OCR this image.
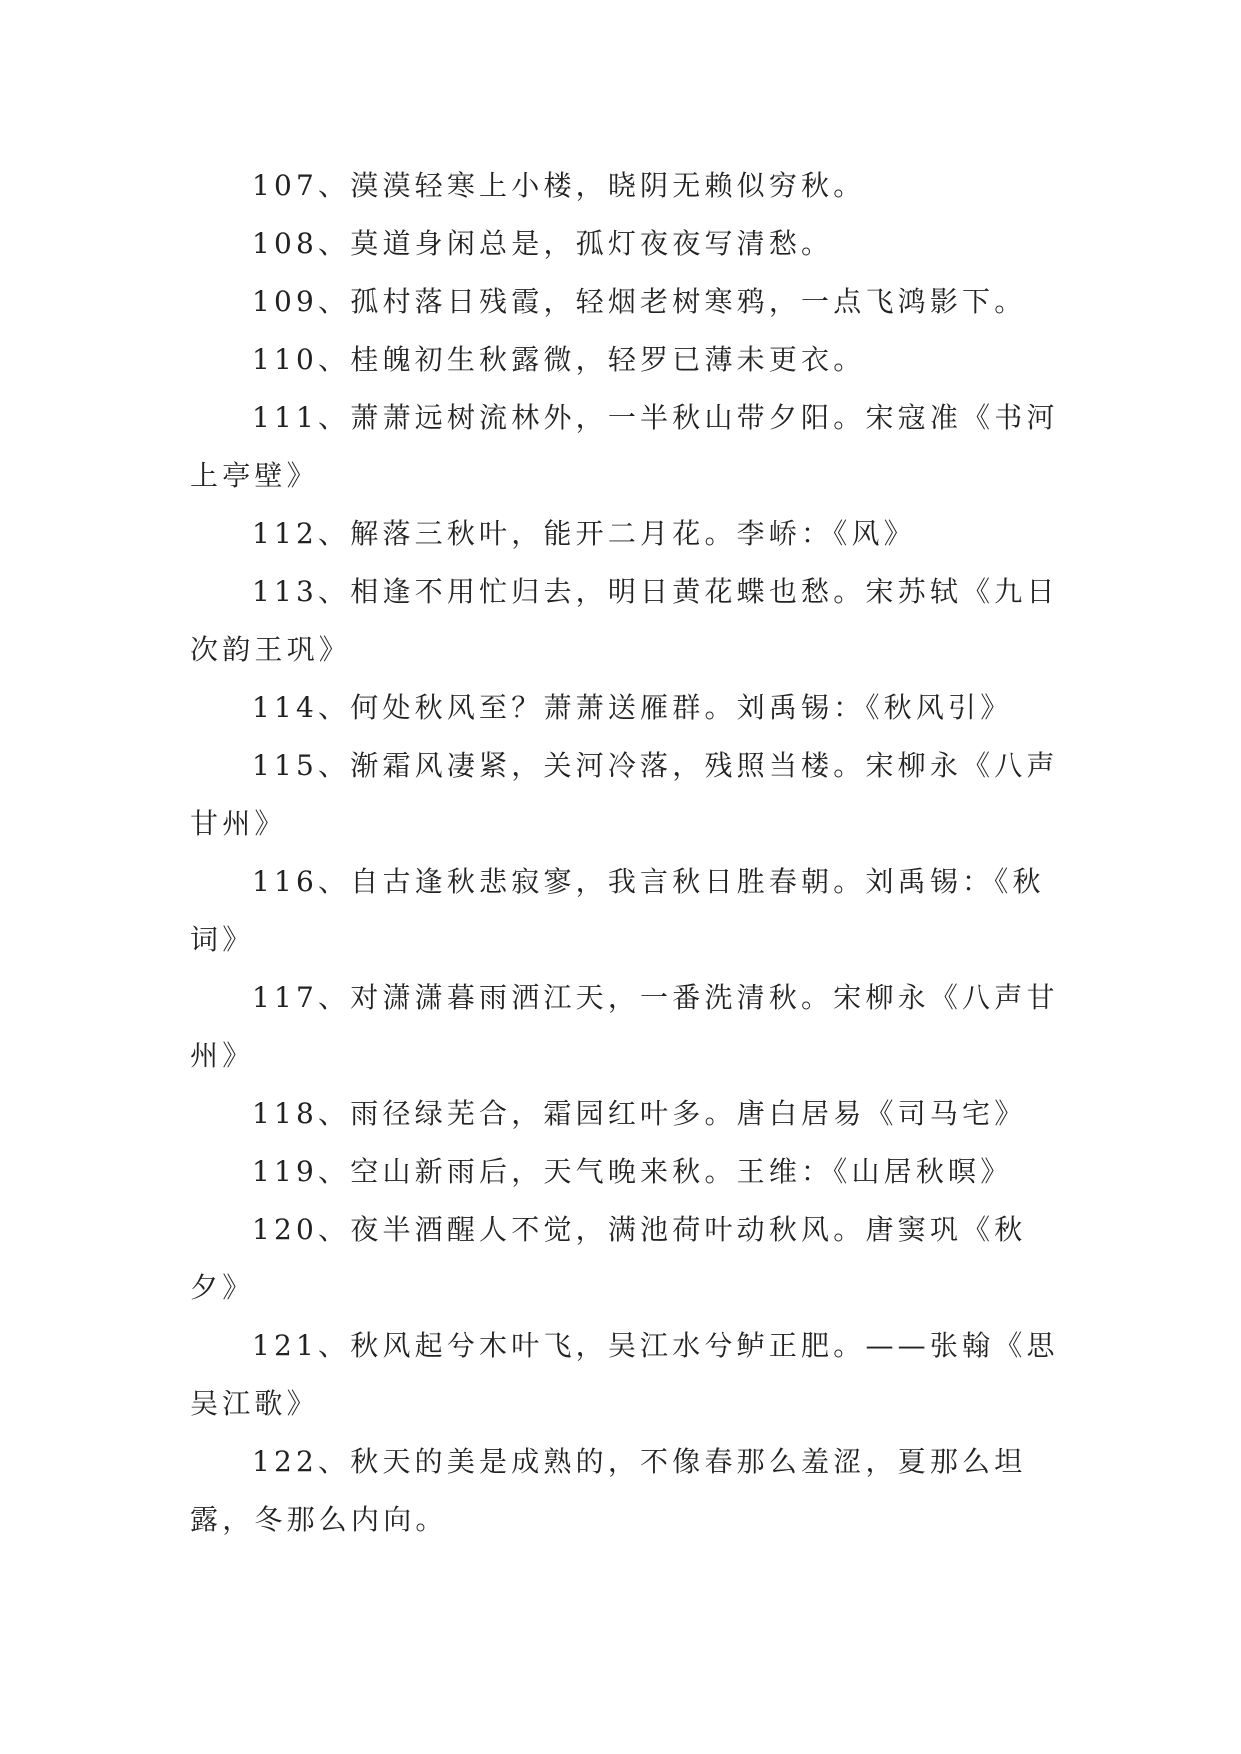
107、漠漠轻寒上小楼，晓阴无赖似穷秋。

108、莫道身闲总是，孤灯夜夜写清愁。

109、孤村落日残霞，轻烟老树寒鸦，一点飞鸿影下。

110、桂魄初生秋露微，轻罗已薄未更衣。

111、萧萧远树流林外，一半秋山带夕阳。宋寇准《书河上亭壁》

112、解落三秋叶，能开二月花。李峤：《风》

113、相逢不用忙归去，明日黄花蝶也愁。宋苏轼《九日次韵王巩》

114、何处秋风至？萧萧送雁群。刘禹锡：《秋风引》

115、渐霜风凄紧，关河冷落，残照当楼。宋柳永《八声甘州》

116、自古逢秋悲寂寥，我言秋日胜春朝。刘禹锡：《秋词》

117、对潇潇暮雨洒江天，一番洗清秋。宋柳永《八声甘州》

118、雨径绿芜合，霜园红叶多。唐白居易《司马宅》

119、空山新雨后，天气晚来秋。王维：《山居秋暝》

120、夜半酒醒人不觉，满池荷叶动秋风。唐窦巩《秋夕》

121、秋风起兮木叶飞，吴江水兮鲈正肥。——张翰《思吴江歌》

122、秋天的美是成熟的，不像春那么羞涩，夏那么坦露，冬那么内向。
